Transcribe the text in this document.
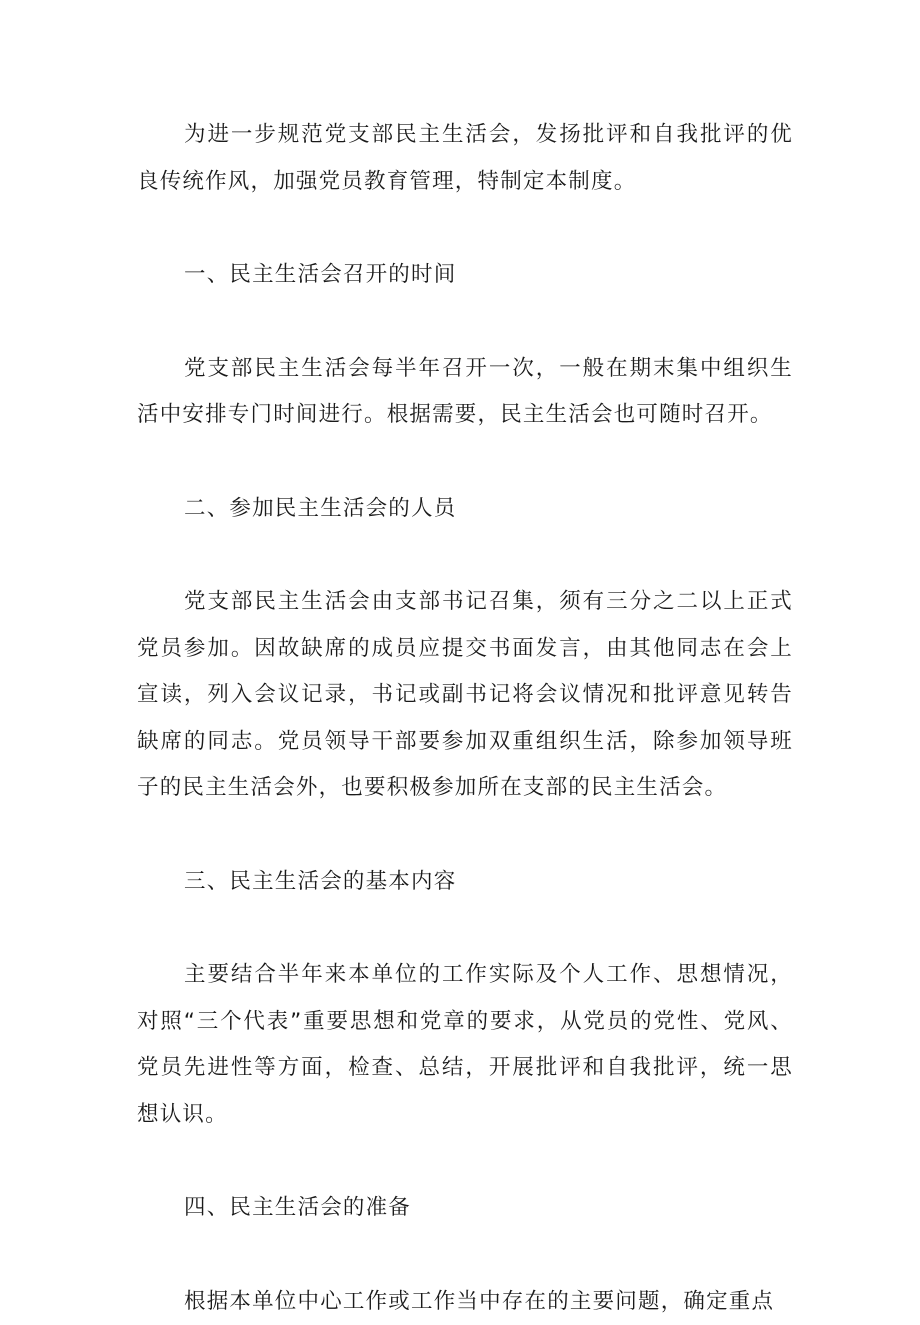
为进一步规范党支部民主生活会，发扬批评和自我批评的优良传统作风，加强党员教育管理，特制定本制度。

一、民主生活会召开的时间

党支部民主生活会每半年召开一次，一般在期末集中组织生活中安排专门时间进行。根据需要，民主生活会也可随时召开。

二、参加民主生活会的人员

党支部民主生活会由支部书记召集，须有三分之二以上正式党员参加。因故缺席的成员应提交书面发言，由其他同志在会上宣读，列入会议记录，书记或副书记将会议情况和批评意见转告缺席的同志。党员领导干部要参加双重组织生活，除参加领导班子的民主生活会外，也要积极参加所在支部的民主生活会。

三、民主生活会的基本内容

主要结合半年来本单位的工作实际及个人工作、思想情况，对照“三个代表”重要思想和党章的要求，从党员的党性、党风、党员先进性等方面，检查、总结，开展批评和自我批评，统一思想认识。

四、民主生活会的准备

根据本单位中心工作或工作当中存在的主要问题，确定重点
